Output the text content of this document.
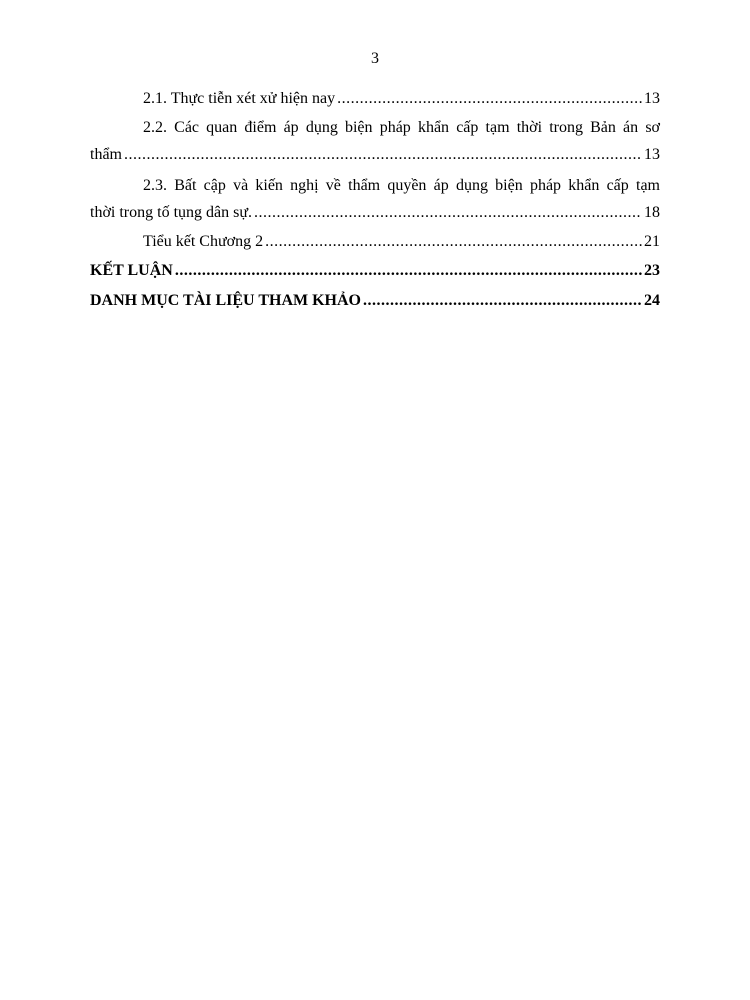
3
2.1. Thực tiễn xét xử hiện nay .....	13
2.2. Các quan điểm áp dụng biện pháp khẩn cấp tạm thời trong Bản án sơ
thẩm .....	13
2.3. Bất cập và kiến nghị về thẩm quyền áp dụng biện pháp khẩn cấp tạm
thời trong tố tụng dân sự. .....	18
Tiểu kết Chương 2 .....	21
KẾT LUẬN .....	23
DANH MỤC TÀI LIỆU THAM KHẢO .....	24
